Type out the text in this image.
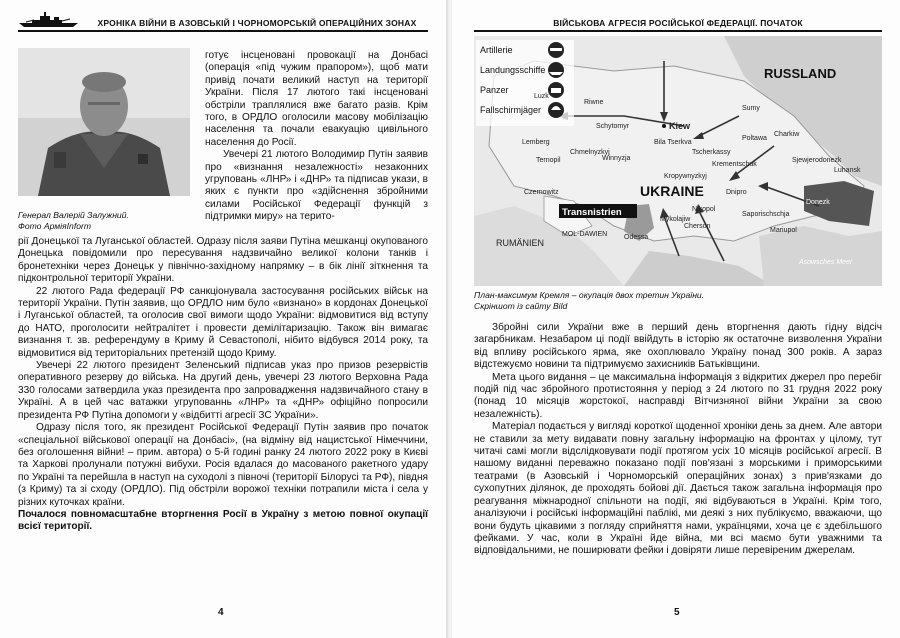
ХРОНІКА ВІЙНИ В АЗОВСЬКІЙ І ЧОРНОМОРСЬКІЙ ОПЕРАЦІЙНИХ ЗОНАХ
Генерал Валерій Залужний.
Фото АрміяInform

готує інсценовані провокації на Донбасі (операція «під чужим прапором»), щоб мати привід почати великий наступ на території України. Після 17 лютого такі інсценовані обстріли траплялися вже багато разів. Крім того, в ОРДЛО оголосили масову мобілізацію населення та почали евакуацію цивільного населення до Росії.

Увечері 21 лютого Володимир Путін заявив про «визнання незалежності» незаконних угруповань «ЛНР» і «ДНР» та підписав укази, в яких є пункти про «здійснення збройними силами Російської Федерації функцій з підтримки миру» на терито-

рії Донецької та Луганської областей. Одразу після заяви Путіна мешканці окупованого Донецька повідомили про пересування надзвичайно великої колони танків і бронетехніки через Донецьк у північно-західному напрямку – в бік лінії зіткнення та підконтрольної території України.

22 лютого Рада федерації РФ санкціонувала застосування російських військ на території України. Путін заявив, що ОРДЛО ним було «визнано» в кордонах Донецької і Луганської областей, та оголосив свої вимоги щодо України: відмовитися від вступу до НАТО, проголосити нейтралітет і провести демілітаризацію. Також він вимагає визнання т. зв. референдуму в Криму й Севастополі, нібито відбувся 2014 року, та відмовитися від територіальних претензій щодо Криму.

Увечері 22 лютого президент Зеленський підписав указ про призов резервістів оперативного резерву до війська. На другий день, увечері 23 лютого Верховна Рада 330 голосами затвердила указ президента про запровадження надзвичайного стану в Україні. А в цей час ватажки угрупованнь «ЛНР» та «ДНР» офіційно попросили президента РФ Путіна допомоги у «відбитті агресії ЗС України».

Одразу після того, як президент Російської Федерації Путін заявив про початок «спеціальної військової операції на Донбасі», (на відміну від нацистської Німеччини, без оголошення війни! – прим. автора) о 5-й годині ранку 24 лютого 2022 року в Києві та Харкові пролунали потужні вибухи. Росія вдалася до масованого ракетного удару по Україні та перейшла в наступ на суходолі з півночі (території Білорусі та РФ), півдня (з Криму) та зі сходу (ОРДЛО). Під обстріли ворожої техніки потрапили міста і села у різних куточках країни.

Почалося повномасштабне вторгнення Росії в Україну з метою повної окупації всієї території.

4
ВІЙСЬКОВА АГРЕСІЯ РОСІЙСЬКОЇ ФЕДЕРАЦІЇ. ПОЧАТОК
Artillerie
Landungsschiffe
Panzer
Fallschirmjäger
RUSSLAND
UKRAINE
Transnistrien
RUMÄNIEN
MOL-DAWIEN
Asowsches Meer
Kiew
Lemberg
Luzk
Riwne
Schytomyr
Winnyzja
Ternopil
Czernowitz
Chmelnyzkyj
Bila Tserkva
Tscherkassy
Krementschuk
Kropywnyzkyj
Poltawa
Sumy
Charkiw
Sjewjerodonezk
Luhansk
Donezk
Dnipro
Saporischschja
Mariupol
Nikopol
Cherson
Mykolajiw
Odessa
План-максимум Кремля – окупація двох третин України.
Скріншот із сайту Bild

Збройні сили України вже в перший день вторгнення дають гідну відсіч загарбникам. Незабаром ці події ввійдуть в історію як остаточне визволення України від впливу російського ярма, яке охоплювало Україну понад 300 років. А зараз відстежуємо новини та підтримуємо захисників Батьківщини.

Мета цього видання – це максимальна інформація з відкритих джерел про перебіг подій під час збройного протистояння у період з 24 лютого по 31 грудня 2022 року (понад 10 місяців жорстокої, насправді Вітчизняної війни України за свою незалежність).

Матеріал подається у вигляді короткої щоденної хроніки день за днем. Але автори не ставили за мету видавати повну загальну інформацію на фронтах у цілому, тут читачі самі могли відслідковувати події протягом усіх 10 місяців російської агресії. В нашому виданні переважно показано події пов'язані з морськими і приморськими театрами (в Азовській і Чорноморській операційних зонах) з прив'язками до сухопутних ділянок, де проходять бойові дії. Дається також загальна інформація про реагування міжнародної спільноти на події, які відбуваються в Україні. Крім того, аналізуючи і російські інформаційні паблікі, ми деякі з них публікуємо, вважаючи, що вони будуть цікавими з погляду сприйняття нами, українцями, хоча це є здебільшого фейками. У час, коли в Україні йде війна, ми всі маємо бути уважними та відповідальними, не поширювати фейки і довіряти лише перевіреним джерелам.

5
